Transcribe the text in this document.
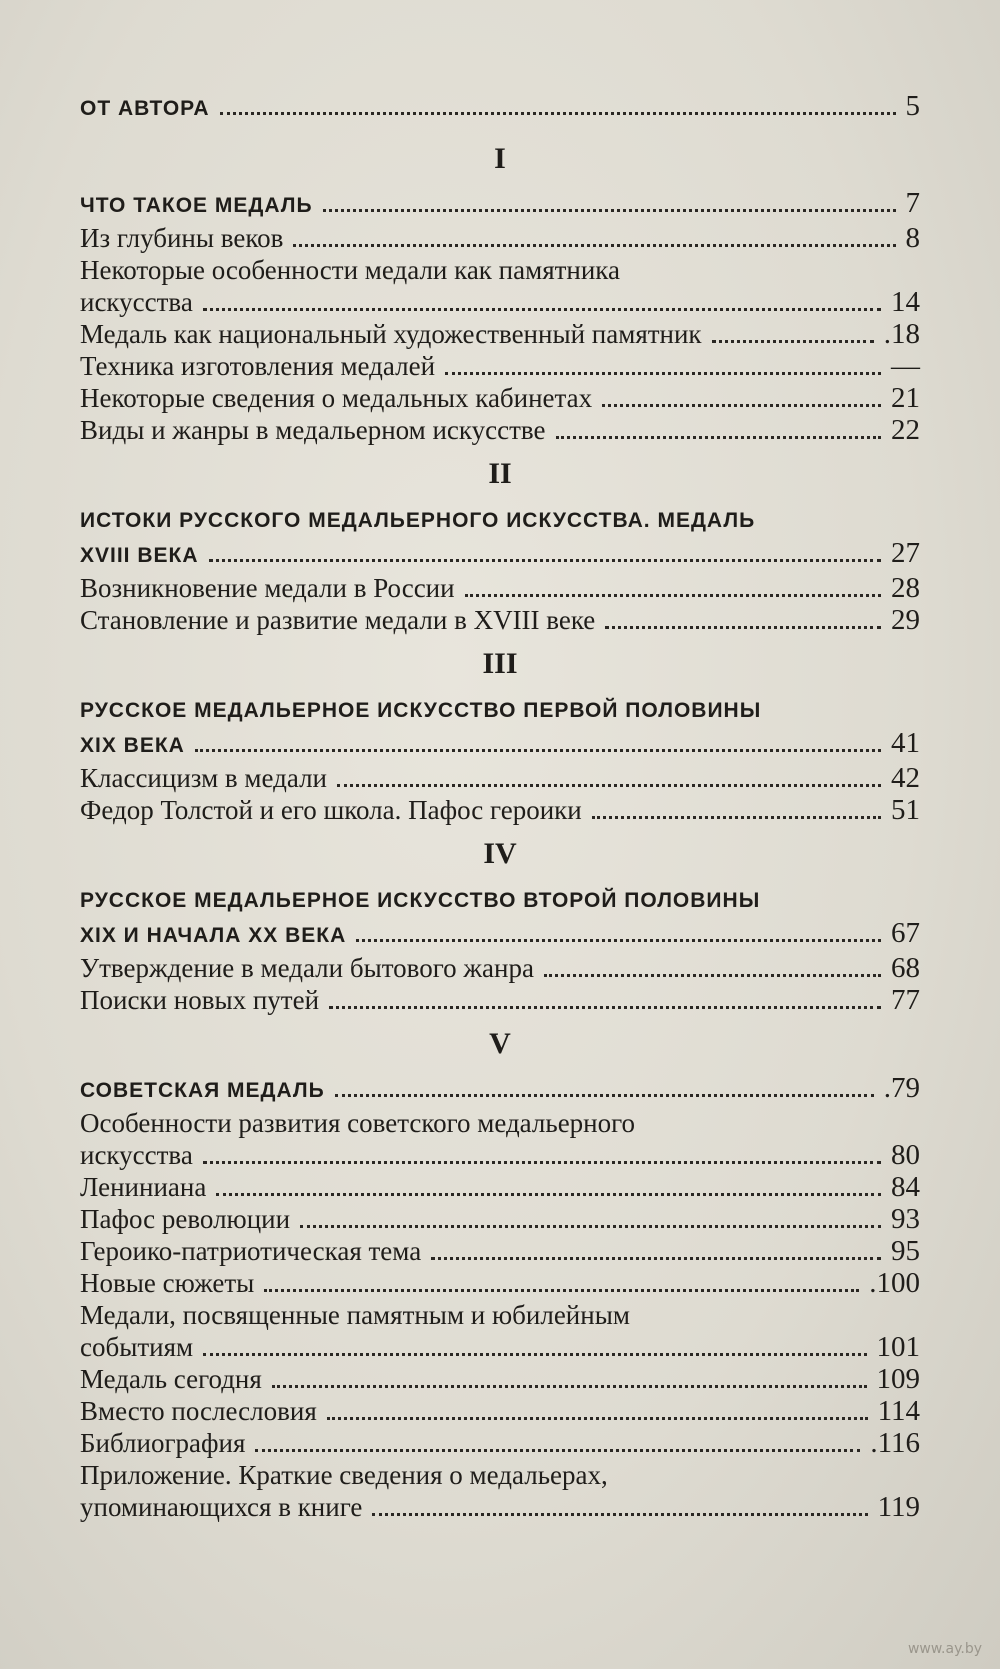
ОТ АВТОРА	5
I
ЧТО ТАКОЕ МЕДАЛЬ	7
Из глубины веков	8
Некоторые особенности медали как памятника
искусства	14
Медаль как национальный художественный памятник	.18
Техника изготовления медалей	—
Некоторые сведения о медальных кабинетах	21
Виды и жанры в медальерном искусстве	22
II
ИСТОКИ РУССКОГО МЕДАЛЬЕРНОГО ИСКУССТВА. МЕДАЛЬ
XVIII ВЕКА	27
Возникновение медали в России	28
Становление и развитие медали в XVIII веке	29
III
РУССКОЕ МЕДАЛЬЕРНОЕ ИСКУССТВО ПЕРВОЙ ПОЛОВИНЫ
XIX ВЕКА	41
Классицизм в медали	42
Федор Толстой и его школа. Пафос героики	51
IV
РУССКОЕ МЕДАЛЬЕРНОЕ ИСКУССТВО ВТОРОЙ ПОЛОВИНЫ
XIX И НАЧАЛА XX ВЕКА	67
Утверждение в медали бытового жанра	68
Поиски новых путей	77
V
СОВЕТСКАЯ МЕДАЛЬ	.79
Особенности развития советского медальерного
искусства	80
Лениниана	84
Пафос революции	93
Героико-патриотическая тема	95
Новые сюжеты	.100
Медали, посвященные памятным и юбилейным
событиям	101
Медаль сегодня	109
Вместо послесловия	114
Библиография	.116
Приложение. Краткие сведения о медальерах,
упоминающихся в книге	119
www.ay.by
